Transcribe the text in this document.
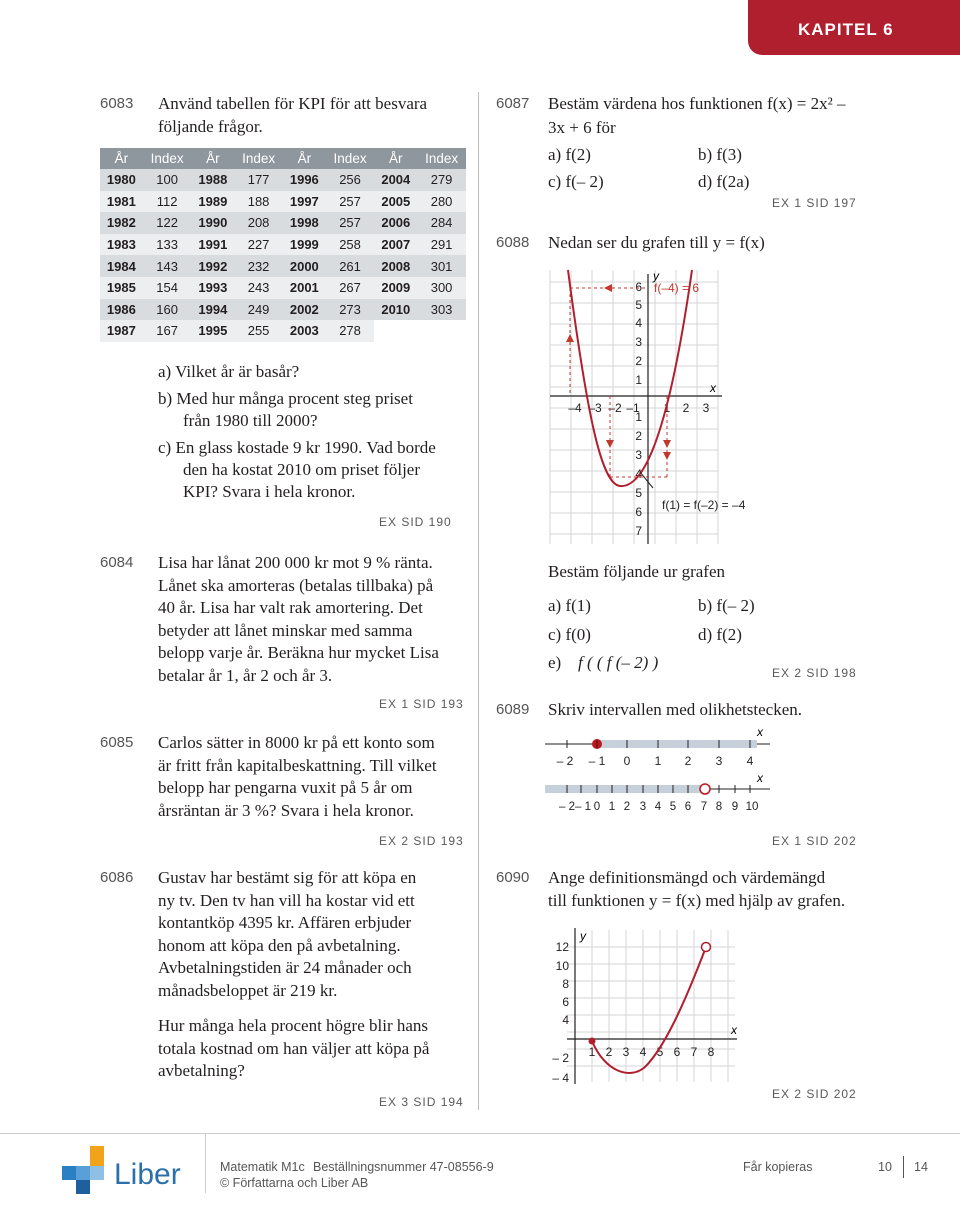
KAPITEL 6
6083 Använd tabellen för KPI för att besvara följande frågor.
År	Index	År	Index	År	Index	År	Index
1980	100	1988	177	1996	256	2004	279
1981	112	1989	188	1997	257	2005	280
1982	122	1990	208	1998	257	2006	284
1983	133	1991	227	1999	258	2007	291
1984	143	1992	232	2000	261	2008	301
1985	154	1993	243	2001	267	2009	300
1986	160	1994	249	2002	273	2010	303
1987	167	1995	255	2003	278		
a) Vilket år är basår?
b) Med hur många procent steg priset
från 1980 till 2000?
c) En glass kostade 9 kr 1990. Vad borde
den ha kostat 2010 om priset följer
KPI? Svara i hela kronor.
EX SID 190
6084 Lisa har lånat 200 000 kr mot 9 % ränta.
Lånet ska amorteras (betalas tillbaka) på
40 år. Lisa har valt rak amortering. Det
betyder att lånet minskar med samma
belopp varje år. Beräkna hur mycket Lisa
betalar år 1, år 2 och år 3.
EX 1 SID 193
6085 Carlos sätter in 8000 kr på ett konto som
är fritt från kapitalbeskattning. Till vilket
belopp har pengarna vuxit på 5 år om
årsräntan är 3 %? Svara i hela kronor.
EX 2 SID 193
6086 Gustav har bestämt sig för att köpa en
ny tv. Den tv han vill ha kostar vid ett
kontantköp 4395 kr. Affären erbjuder
honom att köpa den på avbetalning.
Avbetalningstiden är 24 månader och
månadsbeloppet är 219 kr.
Hur många hela procent högre blir hans
totala kostnad om han väljer att köpa på
avbetalning?
EX 3 SID 194
6087 Bestäm värdena hos funktionen f(x) = 2x² –
3x + 6 för
a) f(2)	b) f(3)
c) f(– 2)	d) f(2a)
EX 1 SID 197
6088 Nedan ser du grafen till y = f(x)
y
x
6
5
4
3
2
1
1
2
3
4
5
6
7
–4 –3 –2 –1 1 2 3
f(–4) = 6
f(1) = f(–2) = –4
Bestäm följande ur grafen
a) f(1)	b) f(– 2)
c) f(0)	d) f(2)
e) f ( ( f (– 2) )
EX 2 SID 198
6089 Skriv intervallen med olikhetstecken.
x
– 2 – 1 0 1 2 3 4
x
– 2 – 1 0 1 2 3 4 5 6 7 8 9 10
EX 1 SID 202
6090 Ange definitionsmängd och värdemängd
till funktionen y = f(x) med hjälp av grafen.
y
x
12
10
8
6
4
– 2
– 4
1 2 3 4 5 6 7 8
EX 2 SID 202
Liber	Matematik M1c Beställningsnummer 47-08556-9
© Författarna och Liber AB
Får kopieras	10 14
